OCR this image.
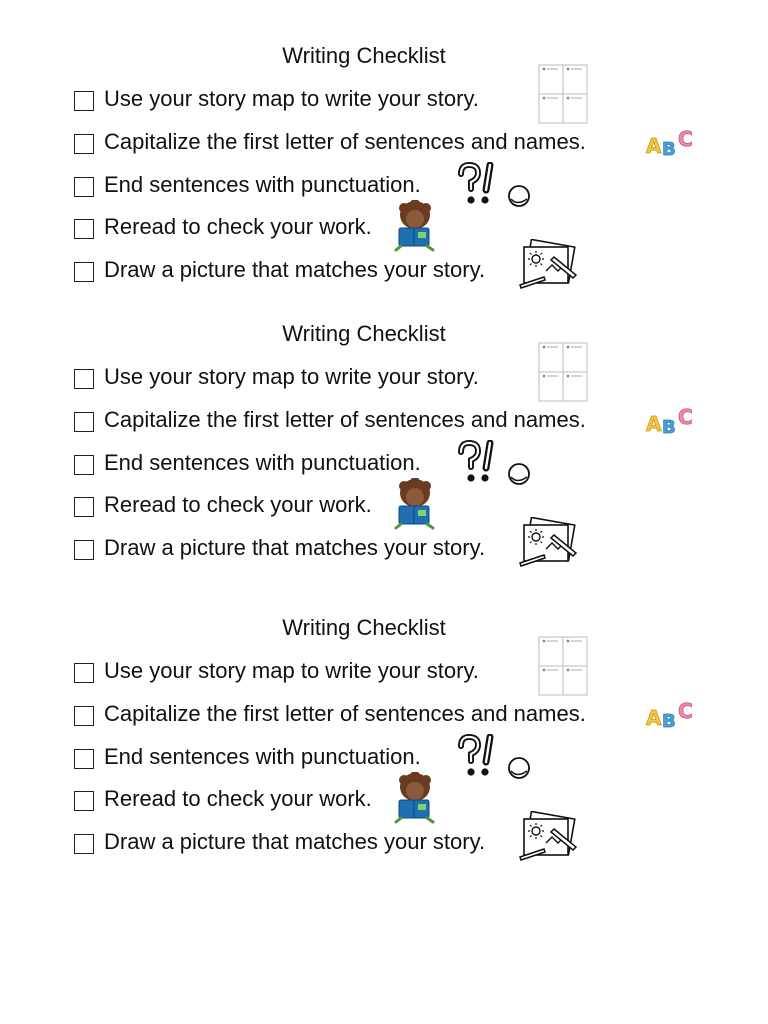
Writing Checklist
Use your story map to write your story.
Capitalize the first letter of sentences and names.	A B C
End sentences with punctuation.
Reread to check your work.
Draw a picture that matches your story.
Writing Checklist
Use your story map to write your story.
Capitalize the first letter of sentences and names.	A B C
End sentences with punctuation.
Reread to check your work.
Draw a picture that matches your story.
Writing Checklist
Use your story map to write your story.
Capitalize the first letter of sentences and names.	A B C
End sentences with punctuation.
Reread to check your work.
Draw a picture that matches your story.
